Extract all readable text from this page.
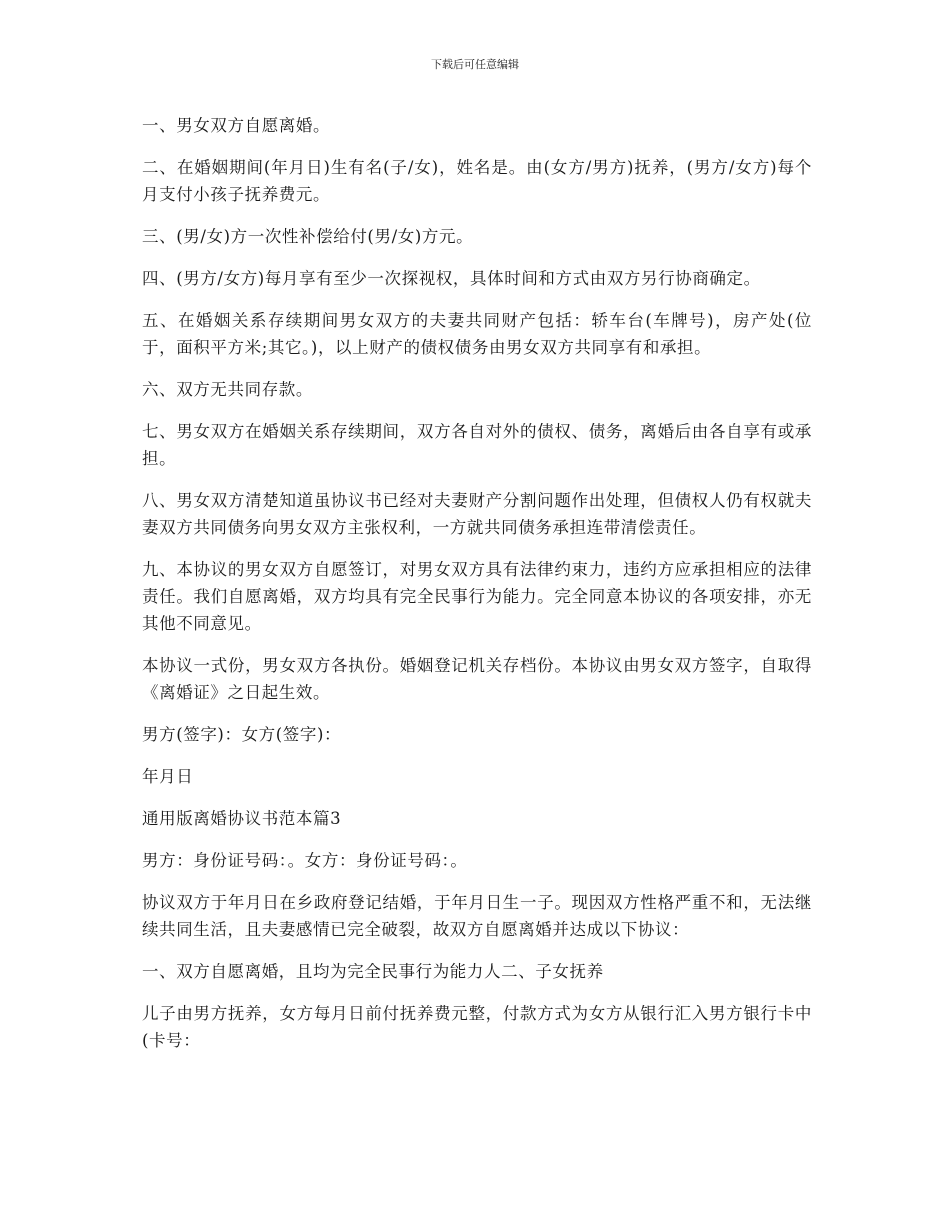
下载后可任意编辑

一、男女双方自愿离婚。

二、在婚姻期间(年月日)生有名(子/女)，姓名是。由(女方/男方)抚养，(男方/女方)每个月支付小孩子抚养费元。

三、(男/女)方一次性补偿给付(男/女)方元。

四、(男方/女方)每月享有至少一次探视权，具体时间和方式由双方另行协商确定。

五、在婚姻关系存续期间男女双方的夫妻共同财产包括：轿车台(车牌号)，房产处(位于，面积平方米;其它。)，以上财产的债权债务由男女双方共同享有和承担。

六、双方无共同存款。

七、男女双方在婚姻关系存续期间，双方各自对外的债权、债务，离婚后由各自享有或承担。

八、男女双方清楚知道虽协议书已经对夫妻财产分割问题作出处理，但债权人仍有权就夫妻双方共同债务向男女双方主张权利，一方就共同债务承担连带清偿责任。

九、本协议的男女双方自愿签订，对男女双方具有法律约束力，违约方应承担相应的法律责任。我们自愿离婚，双方均具有完全民事行为能力。完全同意本协议的各项安排，亦无其他不同意见。

本协议一式份，男女双方各执份。婚姻登记机关存档份。本协议由男女双方签字，自取得《离婚证》之日起生效。

男方(签字)：女方(签字)：

年月日

通用版离婚协议书范本篇3

男方：身份证号码：。女方：身份证号码：。

协议双方于年月日在乡政府登记结婚，于年月日生一子。现因双方性格严重不和，无法继续共同生活，且夫妻感情已完全破裂，故双方自愿离婚并达成以下协议：

一、双方自愿离婚，且均为完全民事行为能力人二、子女抚养

儿子由男方抚养，女方每月日前付抚养费元整，付款方式为女方从银行汇入男方银行卡中(卡号：
